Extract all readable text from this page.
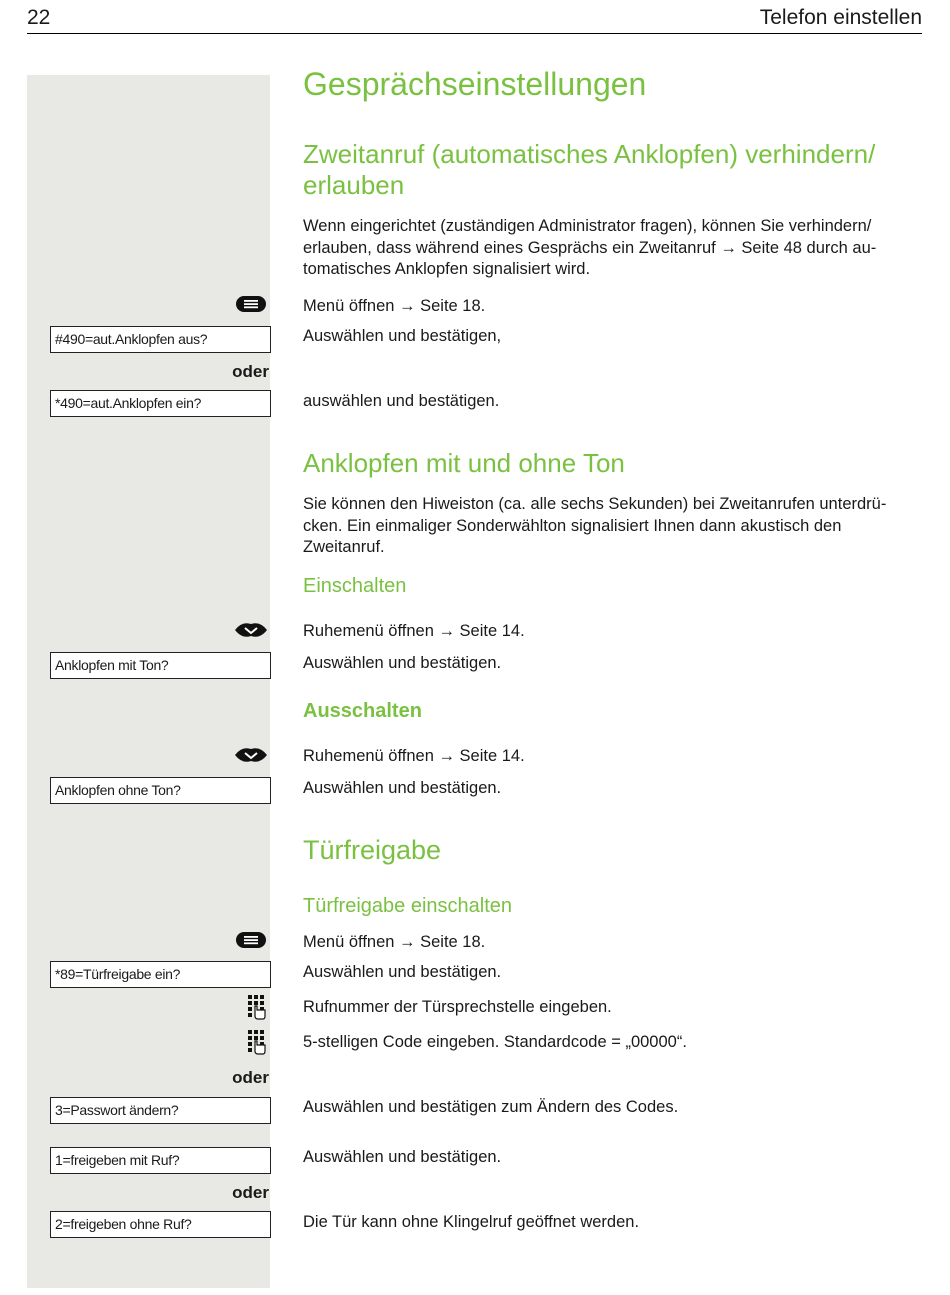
22	Telefon einstellen
Gesprächseinstellungen
Zweitanruf (automatisches Anklopfen) verhindern/
erlauben
Wenn eingerichtet (zuständigen Administrator fragen), können Sie verhindern/
erlauben, dass während eines Gesprächs ein Zweitanruf → Seite 48 durch au-
tomatisches Anklopfen signalisiert wird.
Menü öffnen → Seite 18.
#490=aut.Anklopfen aus?	Auswählen und bestätigen,
oder
*490=aut.Anklopfen ein?	auswählen und bestätigen.
Anklopfen mit und ohne Ton
Sie können den Hiweiston (ca. alle sechs Sekunden) bei Zweitanrufen unterdrü-
cken. Ein einmaliger Sonderwählton signalisiert Ihnen dann akustisch den
Zweitanruf.
Einschalten
Ruhemenü öffnen → Seite 14.
Anklopfen mit Ton?	Auswählen und bestätigen.
Ausschalten
Ruhemenü öffnen → Seite 14.
Anklopfen ohne Ton?	Auswählen und bestätigen.
Türfreigabe
Türfreigabe einschalten
Menü öffnen → Seite 18.
*89=Türfreigabe ein?	Auswählen und bestätigen.
Rufnummer der Türsprechstelle eingeben.
5-stelligen Code eingeben. Standardcode = „00000“.
oder
3=Passwort ändern?	Auswählen und bestätigen zum Ändern des Codes.
1=freigeben mit Ruf?	Auswählen und bestätigen.
oder
2=freigeben ohne Ruf?	Die Tür kann ohne Klingelruf geöffnet werden.
